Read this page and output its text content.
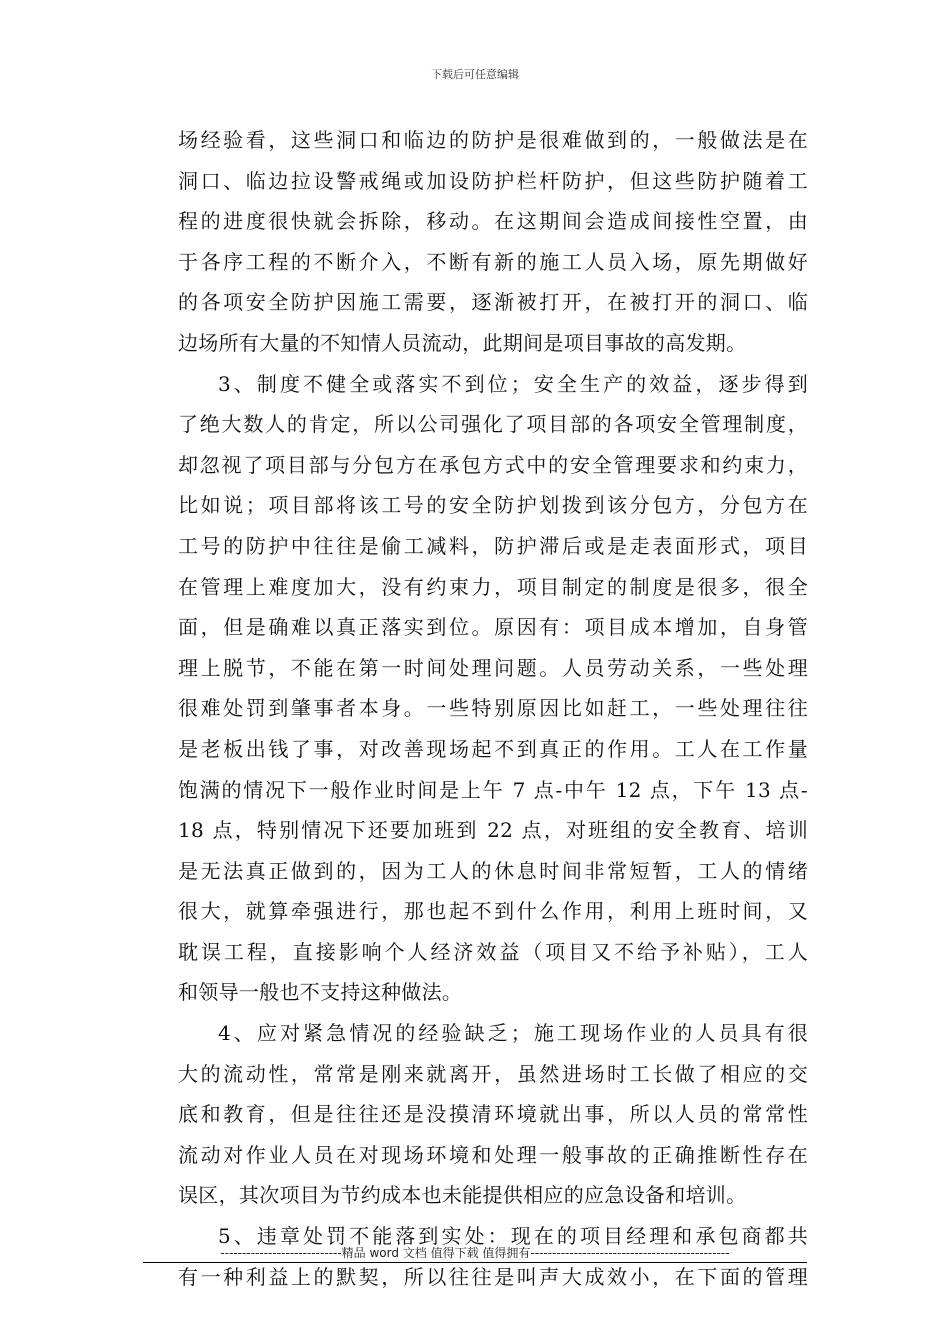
下载后可任意编辑
场经验看，这些洞口和临边的防护是很难做到的，一般做法是在
洞口、临边拉设警戒绳或加设防护栏杆防护，但这些防护随着工
程的进度很快就会拆除，移动。在这期间会造成间接性空置，由
于各序工程的不断介入，不断有新的施工人员入场，原先期做好
的各项安全防护因施工需要，逐渐被打开，在被打开的洞口、临
边场所有大量的不知情人员流动，此期间是项目事故的高发期。
3、制度不健全或落实不到位；安全生产的效益，逐步得到
了绝大数人的肯定，所以公司强化了项目部的各项安全管理制度，
却忽视了项目部与分包方在承包方式中的安全管理要求和约束力，
比如说；项目部将该工号的安全防护划拨到该分包方，分包方在
工号的防护中往往是偷工减料，防护滞后或是走表面形式，项目
在管理上难度加大，没有约束力，项目制定的制度是很多，很全
面，但是确难以真正落实到位。原因有：项目成本增加，自身管
理上脱节，不能在第一时间处理问题。人员劳动关系，一些处理
很难处罚到肇事者本身。一些特别原因比如赶工，一些处理往往
是老板出钱了事，对改善现场起不到真正的作用。工人在工作量
饱满的情况下一般作业时间是上午 7 点-中午 12 点，下午 13 点-
18 点，特别情况下还要加班到 22 点，对班组的安全教育、培训
是无法真正做到的，因为工人的休息时间非常短暂，工人的情绪
很大，就算牵强进行，那也起不到什么作用，利用上班时间，又
耽误工程，直接影响个人经济效益（项目又不给予补贴），工人
和领导一般也不支持这种做法。
4、应对紧急情况的经验缺乏；施工现场作业的人员具有很
大的流动性，常常是刚来就离开，虽然进场时工长做了相应的交
底和教育，但是往往还是没摸清环境就出事，所以人员的常常性
流动对作业人员在对现场环境和处理一般事故的正确推断性存在
误区，其次项目为节约成本也未能提供相应的应急设备和培训。
5、违章处罚不能落到实处：现在的项目经理和承包商都共
有一种利益上的默契，所以往往是叫声大成效小，在下面的管理
----------------------------精品 word 文档 值得下载 值得拥有----------------------------------------------
